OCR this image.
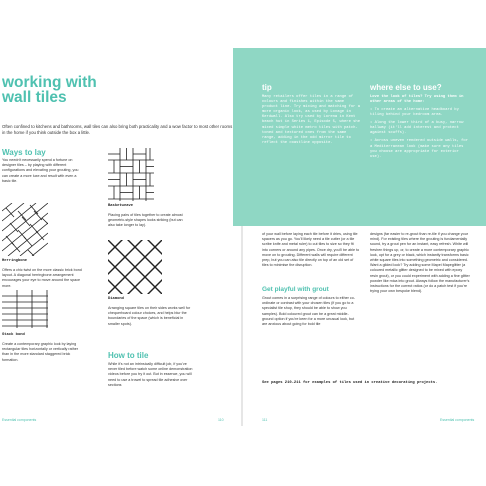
working with
wall tiles
Often confined to kitchens and bathrooms, wall tiles can also bring both practicality and a wow factor to most other rooms in the home if you think outside the box a little.
Ways to lay
You needn't necessarily spend a fortune on designer tiles – by playing with different configurations and elevating your grouting, you can create a more luxe and result with even a basic tile.
Basketweave
Placing pairs of tiles together to create almost geometric-style shapes looks striking (but can also take longer to lay).
Herringbone
Offers a chic twist on the more classic brick bond layout. A diagonal herringbone arrangement encourages your eye to move around the space more.
Diamond
Arranging square tiles on their sides works well for chequerboard colour choices, and helps blur the boundaries of the space (which is beneficial in smaller spots).
Stack bond
Create a contemporary graphic look by laying rectangular tiles horizontally or vertically rather than in the more standard staggered brick formation.	How to tile
While it's not an intrinsically difficult job, if you've never tiled before watch some online demonstration videos before you try it out. But in essence, you will need to use a trowel to spread tile adhesive over sections
Essential components	110
tip
Many retailers offer tiles in a range of colours and finishes within the same product line. Try mixing and matching for a more organic look, as used by Lovage in Kerdwall. Also try used by Lorena in Kent beach hut in Series 1, Episode 5, where she mixed simple white metro tiles with patch-toned and textured ones from the same range, adding in the odd mirror tile to reflect the coastline opposite.
where else to use?
Love the look of tiles? Try using them in other areas of the home:
• To create an alternative headboard by tiling behind your bedroom area.
• Along the lower third of a busy, narrow hallway (it'll add interest and protect against scuffs).
• Across uneven rendered outside walls, for a Mediterranean look (make sure any tiles you choose are appropriate for exterior use).
of your wall before laying each tile before it dries, using tile spacers as you go. You'll likely need a tile cutter (or a tile scribe knife and metal ruler) to cut tiles to size so they fit into corners or around any pipes. Once dry, you'll be able to move on to grouting. Different walls will require different prep, but you can also tile directly on top of an old set of tiles to minimise the disruption.
Get playful with grout
Grout comes in a surprising range of colours to either co-ordinate or contrast with your chosen tiles (if you go to a specialist tile shop, they should be able to show you samples). Bold coloured grout can be a great middle-ground option if you're keen for a more unusual look, but are anxious about going for bold tile
designs (far easier to re-grout than re-tile if you change your mind). For existing tiles where the grouting is fundamentally sound, try a grout pen for an instant, easy refresh. White will freshen things up, or, to create a more contemporary graphic look, opt for a grey or black, which instantly transforms basic white square tiles into something geometric and considered. Want a gilded look? Try adding some Mapei Mapeglitter (a coloured metallic glitter designed to be mixed with epoxy resin grout), or you could experiment with adding a fine glitter powder like mica into grout. Always follow the manufacturer's instructions for the correct ratios (or do a patch test if you're trying your own bespoke blend).
See pages 210-211 for examples of tiles used in creative decorating projects.
111	Essential components
